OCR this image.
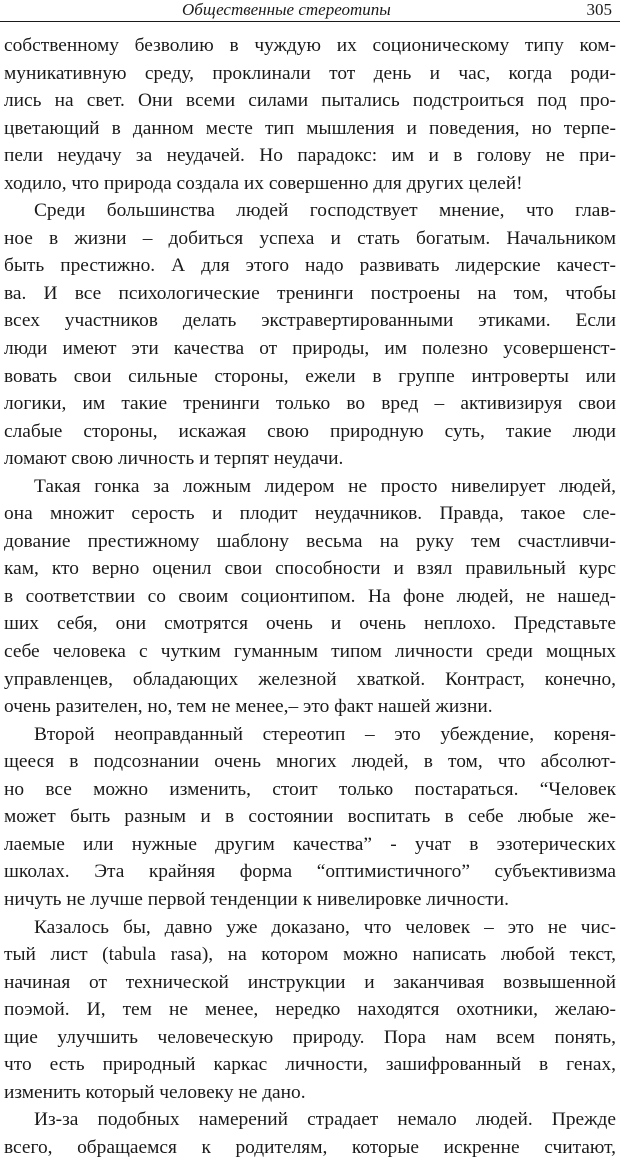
Общественные стереотипы	305
собственному безволию в чуждую их соционическому типу ком-
муникативную среду, проклинали тот день и час, когда роди-
лись на свет. Они всеми силами пытались подстроиться под про-
цветающий в данном месте тип мышления и поведения, но терпе-
пели неудачу за неудачей. Но парадокс: им и в голову не при-
ходило, что природа создала их совершенно для других целей!
Среди большинства людей господствует мнение, что глав-
ное в жизни – добиться успеха и стать богатым. Начальником
быть престижно. А для этого надо развивать лидерские качест-
ва. И все психологические тренинги построены на том, чтобы
всех участников делать экстравертированными этиками. Если
люди имеют эти качества от природы, им полезно усовершенст-
вовать свои сильные стороны, ежели в группе интроверты или
логики, им такие тренинги только во вред – активизируя свои
слабые стороны, искажая свою природную суть, такие люди
ломают свою личность и терпят неудачи.
Такая гонка за ложным лидером не просто нивелирует людей,
она множит серость и плодит неудачников. Правда, такое сле-
дование престижному шаблону весьма на руку тем счастливчи-
кам, кто верно оценил свои способности и взял правильный курс
в соответствии со своим соционтипом. На фоне людей, не нашед-
ших себя, они смотрятся очень и очень неплохо. Представьте
себе человека с чутким гуманным типом личности среди мощных
управленцев, обладающих железной хваткой. Контраст, конечно,
очень разителен, но, тем не менее,– это факт нашей жизни.
Второй неоправданный стереотип – это убеждение, кореня-
щееся в подсознании очень многих людей, в том, что абсолют-
но все можно изменить, стоит только постараться. “Человек
может быть разным и в состоянии воспитать в себе любые же-
лаемые или нужные другим качества” - учат в эзотерических
школах. Эта крайняя форма “оптимистичного” субъективизма
ничуть не лучше первой тенденции к нивелировке личности.
Казалось бы, давно уже доказано, что человек – это не чис-
тый лист (tabula rasa), на котором можно написать любой текст,
начиная от технической инструкции и заканчивая возвышенной
поэмой. И, тем не менее, нередко находятся охотники, желаю-
щие улучшить человеческую природу. Пора нам всем понять,
что есть природный каркас личности, зашифрованный в генах,
изменить который человеку не дано.
Из-за подобных намерений страдает немало людей. Прежде
всего, обращаемся к родителям, которые искренне считают,
